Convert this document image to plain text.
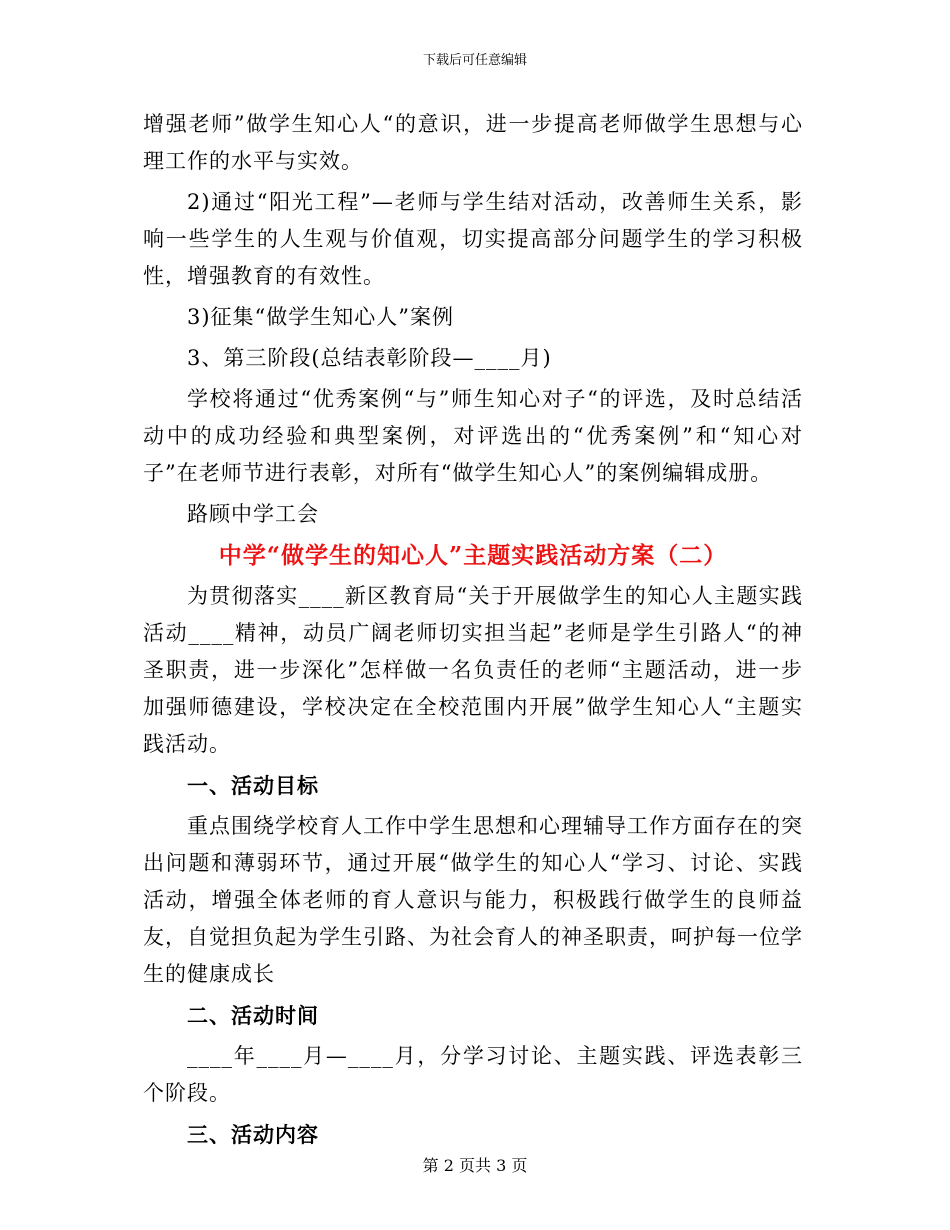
下载后可任意编辑

增强老师”做学生知心人“的意识，进一步提高老师做学生思想与心理工作的水平与实效。

2)通过“阳光工程”—老师与学生结对活动，改善师生关系，影响一些学生的人生观与价值观，切实提高部分问题学生的学习积极性，增强教育的有效性。

3)征集“做学生知心人”案例

3、第三阶段(总结表彰阶段—____月)

学校将通过“优秀案例“与”师生知心对子“的评选，及时总结活动中的成功经验和典型案例，对评选出的“优秀案例”和“知心对子”在老师节进行表彰，对所有“做学生知心人”的案例编辑成册。

路顾中学工会

中学“做学生的知心人”主题实践活动方案（二）

为贯彻落实____新区教育局“关于开展做学生的知心人主题实践活动____精神，动员广阔老师切实担当起”老师是学生引路人“的神圣职责，进一步深化”怎样做一名负责任的老师“主题活动，进一步加强师德建设，学校决定在全校范围内开展”做学生知心人“主题实践活动。

一、活动目标

重点围绕学校育人工作中学生思想和心理辅导工作方面存在的突出问题和薄弱环节，通过开展“做学生的知心人“学习、讨论、实践活动，增强全体老师的育人意识与能力，积极践行做学生的良师益友，自觉担负起为学生引路、为社会育人的神圣职责，呵护每一位学生的健康成长

二、活动时间

____年____月—____月，分学习讨论、主题实践、评选表彰三个阶段。

三、活动内容

第 2 页共 3 页
